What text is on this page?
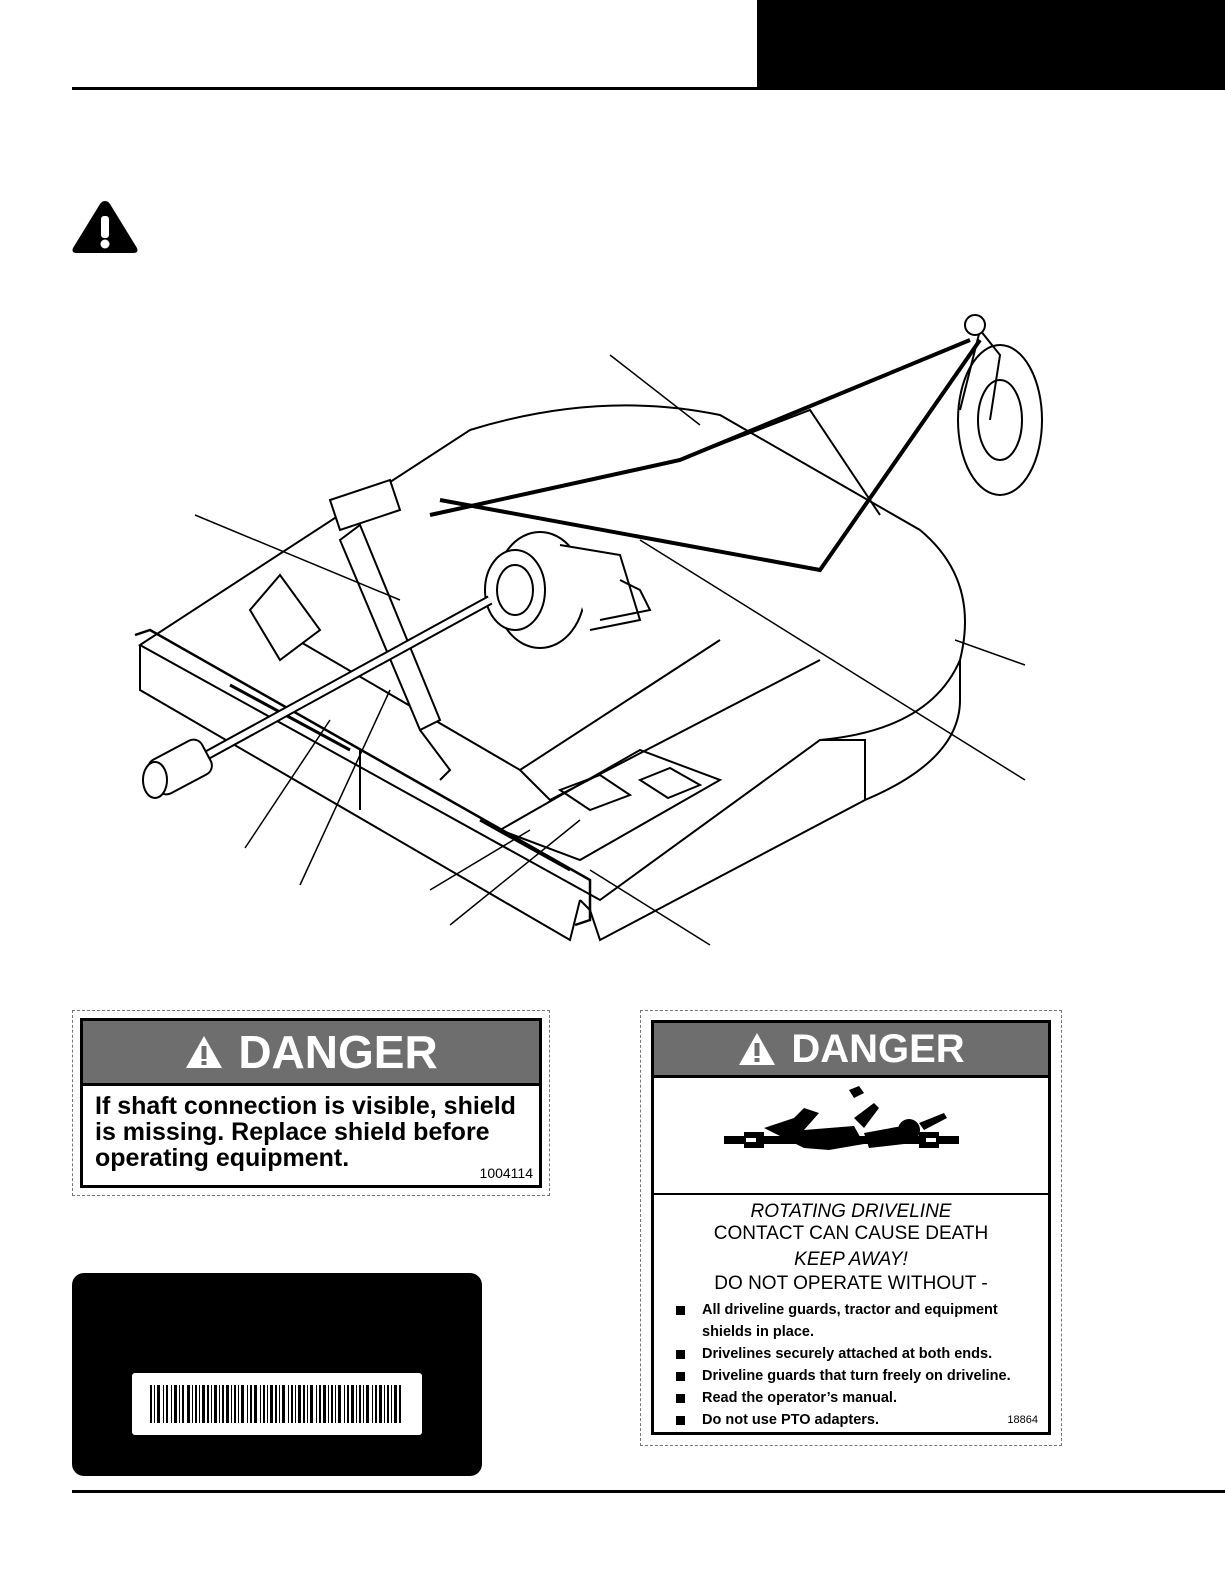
DANGER
If shaft connection is visible, shield
is missing. Replace shield before
operating equipment.
1004114
DANGER
ROTATING DRIVELINE
CONTACT CAN CAUSE DEATH
KEEP AWAY!
DO NOT OPERATE WITHOUT -
All driveline guards, tractor and equipment shields in place.
Drivelines securely attached at both ends.
Driveline guards that turn freely on driveline.
Read the operator’s manual.
Do not use PTO adapters.	18864
